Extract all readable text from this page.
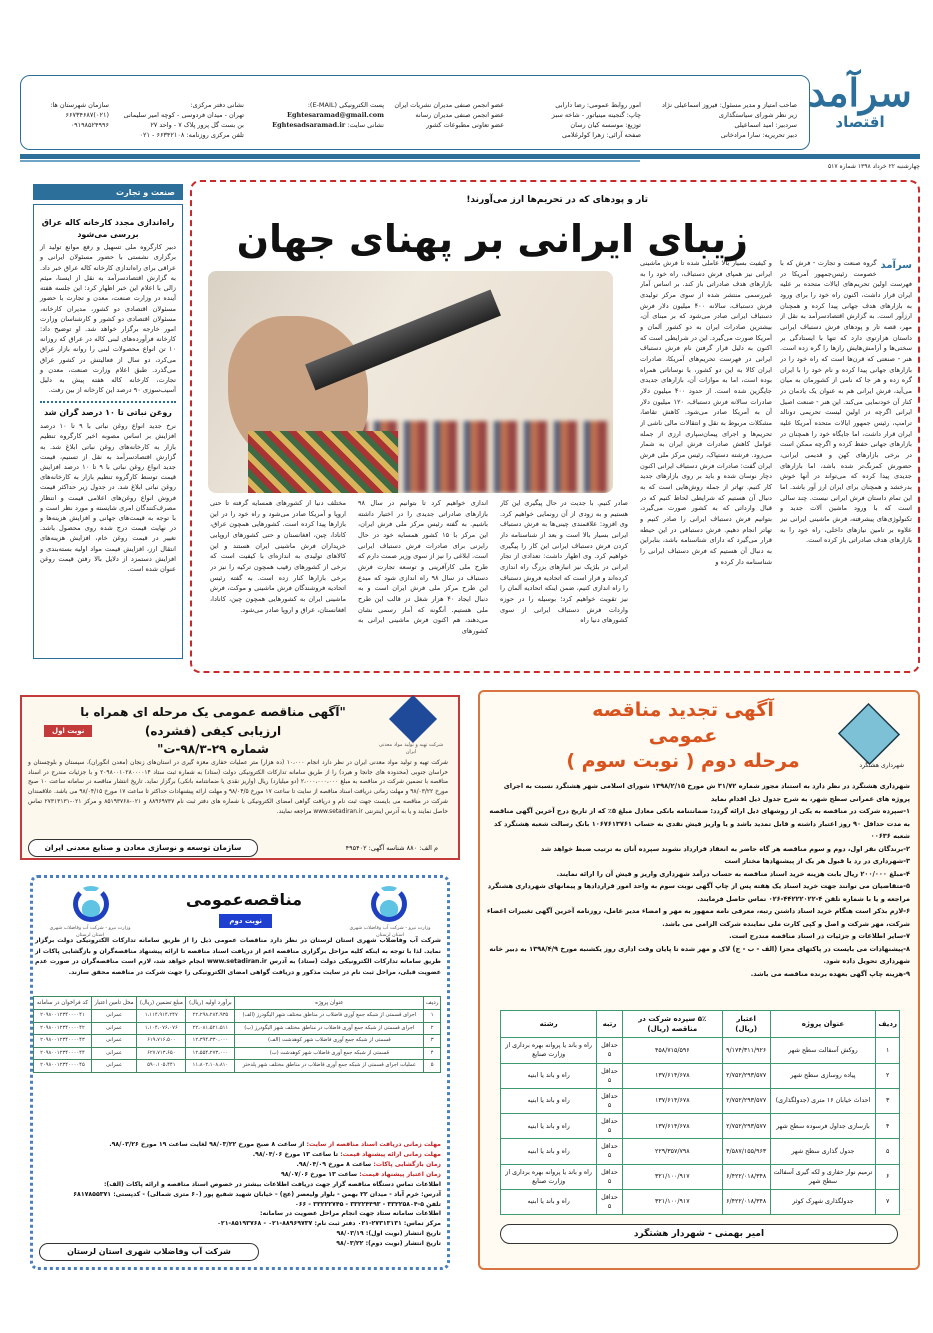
صاحب امتیاز و مدیر مسئول: فیروز اسماعیلی نژاد
زیر نظر شورای سیاستگذاری
سردبیر: امید اسماعیلی
دبیر تحریریه: سارا مرادخانی
امور روابط عمومی: رضا دارابی
چاپ: گنجینه مینیاتور - شاخه سبز
توزیع: موسسه کیان رسان
صفحه آرائی: زهرا کولرغلامی
عضو انجمن صنفی مدیران نشریات ایران
عضو انجمن صنفی مدیران رسانه
عضو تعاونی مطبوعات کشور
پست الکترونیکی (E-MAIL):
Eghtesaramad@gmail.com
نشانی سایت: Eghtesadsaramad.ir
نشانی دفتر مرکزی:
تهران - میدان فردوسی - کوچه امیر سلیمانی
بن بست گل پرور پلاک ۷ - واحد ۲۷
تلفن مرکزی روزنامه: ۶۶۳۴۲۱۰۸ - ۰۲۱
سازمان شهرستان ها:
(۰۲۱)۶۶۷۳۴۶۸۷
۰۹۱۹۸۵۲۴۹۹۶
سرآمد
اقتصاد
چهارشنبه ۲۲ خرداد ۱۳۹۸ شماره ۵۱۷
صنعت و تجارت
راه‌اندازی مجدد کارخانه کاله عراق بررسی می‌شود
دبیر کارگروه ملی تسهیل و رفع موانع تولید از برگزاری نشستی با حضور مسئولان ایرانی و عراقی برای راه‌اندازی کارخانه کاله عراق خبر داد. به گزارش اقتصادسرآمد به نقل از ایسنا، میثم زالی با اعلام این خبر اظهار کرد: این جلسه هفته آینده در وزارت صنعت، معدن و تجارت با حضور مسئولان اقتصادی دو کشور، مدیران کارخانه، مسئولان اقتصادی دو کشور و کارشناسان وزارت امور خارجه برگزار خواهد شد. او توضیح داد: کارخانه فرآورده‌های لبنی کاله در عراق که روزانه ۱۰ تن انواع محصولات لبنی را روانه بازار عراق می‌کرد، دو سال از فعالیتش در کشور عراق می‌گذرد. طبق اعلام وزارت صنعت، معدن و تجارت، کارخانه کاله هفته پیش به دلیل آسیب‌سوزی ۹۰ درصد این کارخانه از بین رفت.
روغن نباتی تا ۱۰ درصد گران شد
نرخ جدید انواع روغن نباتی با ۹ تا ۱۰ درصد افزایش بر اساس مصوبه اخیر کارگروه تنظیم بازار به کارخانه‌های روغن نباتی ابلاغ شد. به گزارش اقتصادسرآمد به نقل از تسنیم، قیمت جدید انواع روغن نباتی با ۹ تا ۱۰ درصد افزایش قیمت توسط کارگروه تنظیم بازار به کارخانه‌های روغن نباتی ابلاغ شد. در جدول زیر حداکثر قیمت فروش انواع روغن‌های اعلامی قیمت و انتظار مصرف‌کنندگان امری شایسته و مورد نظر است و با توجه به قیمت‌های جهانی و افزایش هزینه‌ها و در نهایت قیمت درج شده روی محصول باشد. تغییر در قیمت روغن خام، افزایش هزینه‌های انتقال ارز، افزایش قیمت مواد اولیه بسته‌بندی و افزایش دستمزد از دلایل بالا رفتن قیمت روغن عنوان شده است.
تار و پودهای که در تحریم‌ها ارز می‌آورند!
زیبای ایرانی بر پهنای جهان
سرآمد
گروه صنعت و تجارت - فرش که با خصومت رئیس‌جمهور آمریکا در فهرست اولین تحریم‌های ایالات متحده بر علیه ایران قرار داشت، اکنون راه خود را برای ورود به بازارهای هدف جهانی پیدا کرده و همچنان ارزآور است. به گزارش اقتصادسرآمد به نقل از مهر، قصه تار و پودهای فرش دستباف ایرانی داستان هزارتوی دارد که تنها با ایستادگی بر سختی‌ها و آرامش‌هایش رازها را گره زده است. هنر - صنعتی که قرن‌ها است که راه خود را در بازارهای جهانی پیدا کرده و نام خود را با ایران گره زده و هر جا که نامی از کشورمان به میان می‌آید، فرش ایرانی هم به عنوان یک یادمان در کنار آن خودنمایی می‌کند. این هنر - صنعت اصیل ایرانی اگرچه در اولین لیست تحریمی دونالد ترامپ، رئیس جمهور ایالات متحده آمریکا علیه ایران قرار داشت، اما جایگاه خود را همچنان در بازارهای جهانی حفظ کرده و اگرچه ممکن است در برخی بازارهای کهن و قدیمی ایرانی، حضورش کمرنگ‌تر شده باشد، اما بازارهای جدیدی پیدا کرده که می‌تواند در آنها خوش بدرخشد و همچنان برای ایران ارز آور باشد. اما این تمام داستان فرش ایرانی نیست. چند سالی است که با ورود ماشین آلات جدید و تکنولوژی‌های پیشرفته، فرش ماشینی ایرانی نیز علاوه بر تامین نیازهای داخلی، راه خود را به بازارهای هدف صادراتی باز کرده است.
و کیفیت بسیار بالا عاملی شده تا فرش ماشینی ایرانی نیز همپای فرش دستباف، راه خود را به بازارهای هدف صادراتی باز کند. بر اساس آمار غیررسمی منتشر شده از سوی مرکز تولیدی فرش دستباف، سالانه ۴۰۰ میلیون دلار فرش دستباف ایرانی صادر می‌شود که بر مبنای آن، بیشترین صادرات ایران به دو کشور آلمان و آمریکا صورت می‌گیرد. این در شرایطی است که اکنون به دلیل قرار گرفتن نام فرش دستباف ایرانی در فهرست تحریم‌های آمریکا، صادرات ایران کالا به این دو کشور، با نوساناتی همراه بوده است، اما به موازات آن، بازارهای جدیدی جایگزین شده است. از حدود ۴۰۰ میلیون دلار صادرات سالانه فرش دستباف، ۱۲۰ میلیون دلار آن به آمریکا صادر می‌شود. کاهش تقاضا، مشکلات مربوط به نقل و انتقالات مالی ناشی از تحریم‌ها و اجرای پیمان‌سپاری ارزی از جمله عوامل کاهش صادرات فرش ایران به شمار می‌رود. فرشته دستپاک، رئیس مرکز ملی فرش ایران گفت: صادرات فرش دستباف ایرانی اکنون دچار نوسان شده و باید بر روی بازارهای جدید کار کنیم. تهاتر از جمله روش‌هایی است که به دنبال آن هستیم که شرایطی لحاظ کنیم که در قبال وارداتی که به کشور صورت می‌گیرد، بتوانیم فرش دستباف ایرانی را صادر کنیم و تهاتر انجام دهیم. فرش دستبافی در این حیطه قرار می‌گیرد که دارای شناسنامه باشد، بنابراین به دنبال آن هستیم که فرش دستباف ایرانی را شناسنامه دار کرده و
صادر کنیم. با جدیت در حال پیگیری این کار هستیم و به زودی از آن رونمایی خواهیم کرد. وی افزود: علاقمندی چینی‌ها به فرش دستباف ایرانی بسیار بالا است و بعد از شناسنامه دار کردن فرش دستباف ایرانی این کار را پیگیری خواهیم کرد. وی اظهار داشت: تعدادی از تجار ایرانی در بلژیک نیز انبارهای بزرگ راه اندازی کرده‌اند و قرار است که اتحادیه فروش دستباف را راه اندازی کنیم، ضمن اینکه اتحادیه آلمان را نیز تقویت خواهیم کرد؛ بوسیله را در حوزه واردات فرش دستباف ایرانی از سوی کشورهای دنیا راه
اندازی خواهیم کرد تا بتوانیم در سال ۹۸ بازارهای صادراتی جدیدی را در اختیار داشته باشیم. به گفته رئیس مرکز ملی فرش ایران، این مرکز با ۱۵ کشور همسایه خود در حال رایزنی برای صادرات فرش دستباف ایرانی است. ابلاغی را نیز از سوی وزیر صمت دارم که طرح ملی کارآفرینی و توسعه تجارت فرش دستباف در سال ۹۸ راه اندازی شود که مبدع این طرح مرکز ملی فرش ایران است و به دنبال ایجاد ۴۰ هزار شغل در قالب این طرح ملی هستیم. آنگونه که آمار رسمی نشان می‌دهند، هم اکنون فرش ماشینی ایرانی به کشورهای
مختلف دنیا از کشورهای همسایه گرفته تا حتی اروپا و آمریکا صادر می‌شود و راه خود را در این بازارها پیدا کرده است. کشورهایی همچون عراق، کانادا، چین، افغانستان و حتی کشورهای اروپایی خریداران فرش ماشینی ایران هستند و این کالاهای تولیدی به اندازه‌ای با کیفیت است که برخی از کشورهای رقیب همچون ترکیه را نیز در برخی بازارها کنار زده است. به گفته رئیس اتحادیه فروشندگان فرش ماشینی و موکت، فرش ماشینی ایران به کشورهایی همچون چین، کانادا، افغانستان، عراق و اروپا صادر می‌شود.
شهرداری هشتگرد
آگهی تجدید مناقصه عمومی
مرحله دوم ( نوبت سوم )
شهرداری هشتگرد در نظر دارد به استناد مجوز شماره ۳۱/۷۲ ش مورخ ۱۳۹۸/۲/۱۵ شورای اسلامی شهر هشتگرد نسبت به اجرای پروژه های عمرانی سطح شهر، به شرح جدول ذیل اقدام نماید
۱-سپرده شرکت در مناقصه به یکی از روشهای ذیل ارائه گردد: ضمانتنامه بانکی معادل مبلغ ۵٪ که از تاریخ درج آخرین آگهی مناقصه به مدت حداقل ۹۰ روز اعتبار داشته و قابل تمدید باشد و یا واریز فیش نقدی به حساب ۱۰۶۷۶۱۳۷۶۱ بانک رسالت شعبه هشتگرد کد شعبه ۰۰۶۳۶
۲-برندگان نفر اول، دوم و سوم مناقصه هر گاه حاضر به انعقاد قرارداد نشوند سپرده آنان به ترتیب ضبط خواهد شد
۳-شهرداری در رد یا قبول هر یک از پیشنهادها مختار است
۴-مبلغ ۲۰۰/۰۰۰ ریال بابت هزینه خرید اسناد مناقصه به حساب درآمد شهرداری واریز و فیش آن را ارائه نمایند.
۵-متقاضیان می توانند جهت خرید اسناد یک هفته پس از چاپ آگهی نوبت سوم به واحد امور قراردادها و پیمانهای شهرداری هشتگرد مراجعه و یا با شماره تلفن ۴-۴۴۲۲۲۰۲۲-۰۲۶ تماس حاصل فرمایند.
۶-لازم بذکر است هنگام خرید اسناد داشتن رتبه، معرفی نامه ممهور به مهر و امضاء مدیر عامل، روزنامه آخرین آگهی تغییرات اعضاء شرکت، مهر شرکت و اصل و کپی کارت ملی نماینده شرکت الزامی می باشد.
۷-سایر اطلاعات و جزئیات در اسناد مناقصه مندرج است.
۸-پیشنهادات می بایست در پاکتهای مجزا (الف - ب - ج) لاک و مهر شده تا پایان وقت اداری روز یکشنبه مورخ ۱۳۹۸/۴/۹ به دبیر خانه شهرداری تحویل داده شود.
۹-هزینه چاپ آگهی بعهده برنده مناقصه می باشد.
ردیف	عنوان پروژه	اعتبار (ریال)	۵٪ سپرده شرکت در مناقصه (ریال)	رتبه	رشته
۱	روکش آسفالت سطح شهر	۹/۱۷۴/۳۱۱/۹۲۶	۴۵۸/۷۱۵/۵۹۶	حداقل ۵	راه و باند یا پروانه بهره برداری از وزارت صنایع
۲	پیاده روسازی سطح شهر	۲/۷۵۲/۲۹۳/۵۷۷	۱۳۷/۶۱۴/۶۷۸	حداقل ۵	راه و باند یا ابنیه
۳	احداث خیابان ۱۶ متری (جدولگذاری)	۲/۷۵۲/۲۹۳/۵۷۷	۱۳۷/۶۱۴/۶۷۸	حداقل ۵	راه و باند یا ابنیه
۴	بازسازی جداول فرسوده سطح شهر	۲/۷۵۲/۲۹۳/۵۷۷	۱۳۷/۶۱۴/۶۷۸	حداقل ۵	راه و باند یا ابنیه
۵	جدول گذاری سطح شهر	۴/۵۸۷/۱۵۵/۹۶۳	۲۲۹/۳۵۷/۷۹۸	حداقل ۵	راه و باند یا ابنیه
۶	ترمیم نوار حفاری و لکه گیری آسفالت سطح شهر	۶/۴۲۲/۰۱۸/۳۴۸	۳۲۱/۱۰۰/۹۱۷	حداقل ۵	راه و باند یا پروانه بهره برداری از وزارت صنایع
۷	جدولگذاری شهرک کوثر	۶/۴۲۲/۰۱۸/۳۴۸	۳۲۱/۱۰۰/۹۱۷	حداقل ۵	راه و باند یا ابنیه
امیر بهمنی - شهردار هشتگرد
شرکت تهیه و تولید مواد معدنی ایران
"آگهی مناقصه عمومی یک مرحله ای همراه با ارزیابی کیفی (فشرده)
شماره ۲۹-۹۸/۳-ت"
نوبت اول
شرکت تهیه و تولید مواد معدنی ایران در نظر دارد انجام ۱۰،۰۰۰ (ده هزار) متر عملیات حفاری مغزه گیری در استان‌های زنجان (معدن انگوران)، سیستان و بلوچستان و خراسان جنوبی (محدوده های جانجا و هیرد) را از طریق سامانه تدارکات الکترونیکی دولت (ستاد) به شماره ثبت ستاد ۲۰۹۸۰۰۱۰۲۸۰۰۰۰۱۴ و با جزئیات مندرج در اسناد مناقصه با تضمین شرکت در مناقصه به مبلغ ۲،۰۰۰،۰۰۰،۰۰۰ (دو میلیارد) ریال (واریز نقدی یا ضمانتنامه بانکی) برگزار نماید. تاریخ انتشار مناقصه در سامانه ساعت ۱۰ صبح مورخ ۹۸/۰۳/۲۲ و مهلت زمانی دریافت اسناد مناقصه از سایت تا ساعت ۱۷ مورخ ۹۸/۰۴/۵ و مهلت ارائه پیشنهادات حداکثر تا ساعت ۱۷ مورخ ۹۸/۰۴/۱۵ می باشد. علاقمندان شرکت در مناقصه می بایست جهت ثبت نام و دریافت گواهی امضای الکترونیکی با شماره های دفتر ثبت نام ۸۸۹۶۹۷۳۷ و ۰۲۱-۸۵۱۹۳۷۶۸ و مرکز ۰۲۱-۲۷۳۱۳۱۳۱ تماس حاصل نمایند و یا به آدرس اینترنتی www.setadiran.ir مراجعه نمایند.
م الف: ۸۸۰ شناسه آگهی: ۴۹۵۴۰۲
سازمان توسعه و نوسازی معادن و صنایع معدنی ایران
وزارت نیرو - شرکت آب وفاضلاب شهری استان لرستان
وزارت نیرو - شرکت آب وفاضلاب شهری استان لرستان
مناقصه‌عمومی
نوبت دوم
شرکت آب وفاضلاب شهری استان لرستان در نظر دارد مناقصات عمومی ذیل را از طریق سامانه تدارکات الکترونیکی دولت برگزار نماید. لذا با توجه به اینکه کلیه مراحل برگزاری مناقصه اعم از دریافت اسناد مناقصه تا ارائه پیشنهاد مناقصه‌گران و بازگشایی پاکات از طریق سامانه تدارکات الکترونیکی دولت (ستاد) به آدرس www.setadiran.ir انجام خواهد شد، لازم است مناقصه‌گران در صورت عدم عضویت قبلی، مراحل ثبت نام در سایت مذکور و دریافت گواهی امضای الکترونیکی را جهت شرکت در مناقصه محقق سازند.
ردیف	عنوان پروژه	برآورد اولیه (ریال)	مبلغ تضمین (ریال)	محل تامین اعتبار	کد فراخوان در سامانه
۱	اجرای قسمتی از شبکه جمع آوری فاضلاب در مناطق مختلف شهر الیگودرز (الف)	۲۲،۲۹۸،۲۸۴،۹۳۵	۱،۱۱۴،۹۱۴،۲۴۷	عمرانی	۲۰۹۸۰۰۱۲۳۴۰۰۰۰۴۱
۲	اجرای قسمتی از شبکه جمع آوری فاضلاب در مناطق مختلف شهر الیگودرز (ب)	۲۲،۰۸۱،۵۲۱،۵۱۱	۱،۱۰۴،۰۷۶،۰۷۶	عمرانی	۲۰۹۸۰۰۱۲۳۴۰۰۰۰۴۲
۳	قسمتی از شبکه جمع آوری فاضلاب شهر کوهدشت (الف)	۱۲،۳۹۴،۳۳۰،۰۰۰	۶۱۹،۷۱۶،۵۰۰	عمرانی	۲۰۹۸۰۰۱۲۳۴۰۰۰۰۴۳
۴	قسمتی از شبکه جمع آوری فاضلاب شهر کوهدشت (ب)	۱۲،۵۵۴،۲۷۳،۰۰۰	۶۲۷،۷۱۳،۶۵۰	عمرانی	۲۰۹۸۰۰۱۲۳۴۰۰۰۰۴۴
۵	عملیات اجرای قسمتی از شبکه جمع آوری فاضلاب در مناطق مختلف شهر پلدختر	۱۱،۸۰۲،۱۰۸،۸۱۰	۵۹۰،۱۰۵،۴۴۱	عمرانی	۲۰۹۸۰۰۱۲۳۴۰۰۰۰۴۵
مهلت زمانی دریافت اسناد مناقصه از سایت: از ساعت ۸ صبح مورخ ۹۸/۰۳/۲۲ لغایت ساعت ۱۹ مورخ ۹۸/۰۳/۲۶.
مهلت زمانی ارائه پیشنهاد قیمت: تا ساعت ۱۳ مورخ ۹۸/۰۴/۰۶.
زمان بازگشایی پاکات: ساعت ۸ مورخ ۹۸/۰۴/۰۹.
زمان اعتبار پیشنهاد قیمت: ساعت ۱۳ مورخ ۹۸/۰۷/۰۶
اطلاعات تماس دستگاه مناقصه گزار جهت دریافت اطلاعات بیشتر در خصوص اسناد مناقصه و ارائه پاکات (الف):
آدرس: خرم آباد - میدان ۲۲ بهمن - بلوار ولیعصر (عج) - خیابان شهید شفیع پور (۶۰ متری شمالی) - کدپستی: ۶۸۱۷۸۵۵۳۷۱
تلفن ۵-۳۳۲۲۵۸۰۴ - ۳۳۲۲۴۴۹۳ - ۳۳۲۲۲۷۴۵ - ۰۶۶
اطلاعات سامانه ستاد جهت انجام مراحل عضویت در سامانه:
مرکز تماس: ۲۷۳۱۳۱۳۱-۰۲۱ دفتر ثبت نام: ۸۸۹۶۹۷۳۷-۰۲۱ - ۸۵۱۹۳۷۶۸-۰۲۱
تاریخ انتشار (نوبت اول): ۹۸/۰۳/۱۹
تاریخ انتشار (نوبت دوم): ۹۸/۰۳/۲۲
شرکت آب وفاضلاب شهری استان لرستان
